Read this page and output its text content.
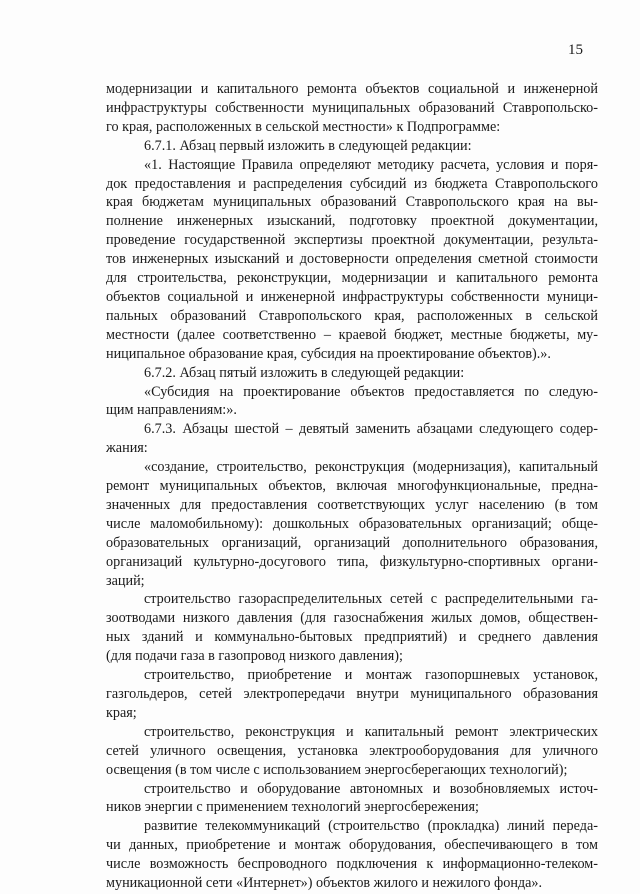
15
модернизации и капитального ремонта объектов социальной и инженерной
инфраструктуры собственности муниципальных образований Ставропольско-
го края, расположенных в сельской местности» к Подпрограмме:
6.7.1. Абзац первый изложить в следующей редакции:
«1. Настоящие Правила определяют методику расчета, условия и поря-
док предоставления и распределения субсидий из бюджета Ставропольского
края бюджетам муниципальных образований Ставропольского края на вы-
полнение инженерных изысканий, подготовку проектной документации,
проведение государственной экспертизы проектной документации, результа-
тов инженерных изысканий и достоверности определения сметной стоимости
для строительства, реконструкции, модернизации и капитального ремонта
объектов социальной и инженерной инфраструктуры собственности муници-
пальных образований Ставропольского края, расположенных в сельской
местности (далее соответственно – краевой бюджет, местные бюджеты, му-
ниципальное образование края, субсидия на проектирование объектов).».
6.7.2. Абзац пятый изложить в следующей редакции:
«Субсидия на проектирование объектов предоставляется по следую-
щим направлениям:».
6.7.3. Абзацы шестой – девятый заменить абзацами следующего содер-
жания:
«создание, строительство, реконструкция (модернизация), капитальный
ремонт муниципальных объектов, включая многофункциональные, предна-
значенных для предоставления соответствующих услуг населению (в том
числе маломобильному): дошкольных образовательных организаций; обще-
образовательных организаций, организаций дополнительного образования,
организаций культурно-досугового типа, физкультурно-спортивных органи-
заций;
строительство газораспределительных сетей с распределительными га-
зоотводами низкого давления (для газоснабжения жилых домов, обществен-
ных зданий и коммунально-бытовых предприятий) и среднего давления
(для подачи газа в газопровод низкого давления);
строительство, приобретение и монтаж газопоршневых установок,
газгольдеров, сетей электропередачи внутри муниципального образования
края;
строительство, реконструкция и капитальный ремонт электрических
сетей уличного освещения, установка электрооборудования для уличного
освещения (в том числе с использованием энергосберегающих технологий);
строительство и оборудование автономных и возобновляемых источ-
ников энергии с применением технологий энергосбережения;
развитие телекоммуникаций (строительство (прокладка) линий переда-
чи данных, приобретение и монтаж оборудования, обеспечивающего в том
числе возможность беспроводного подключения к информационно-телеком-
муникационной сети «Интернет») объектов жилого и нежилого фонда».
